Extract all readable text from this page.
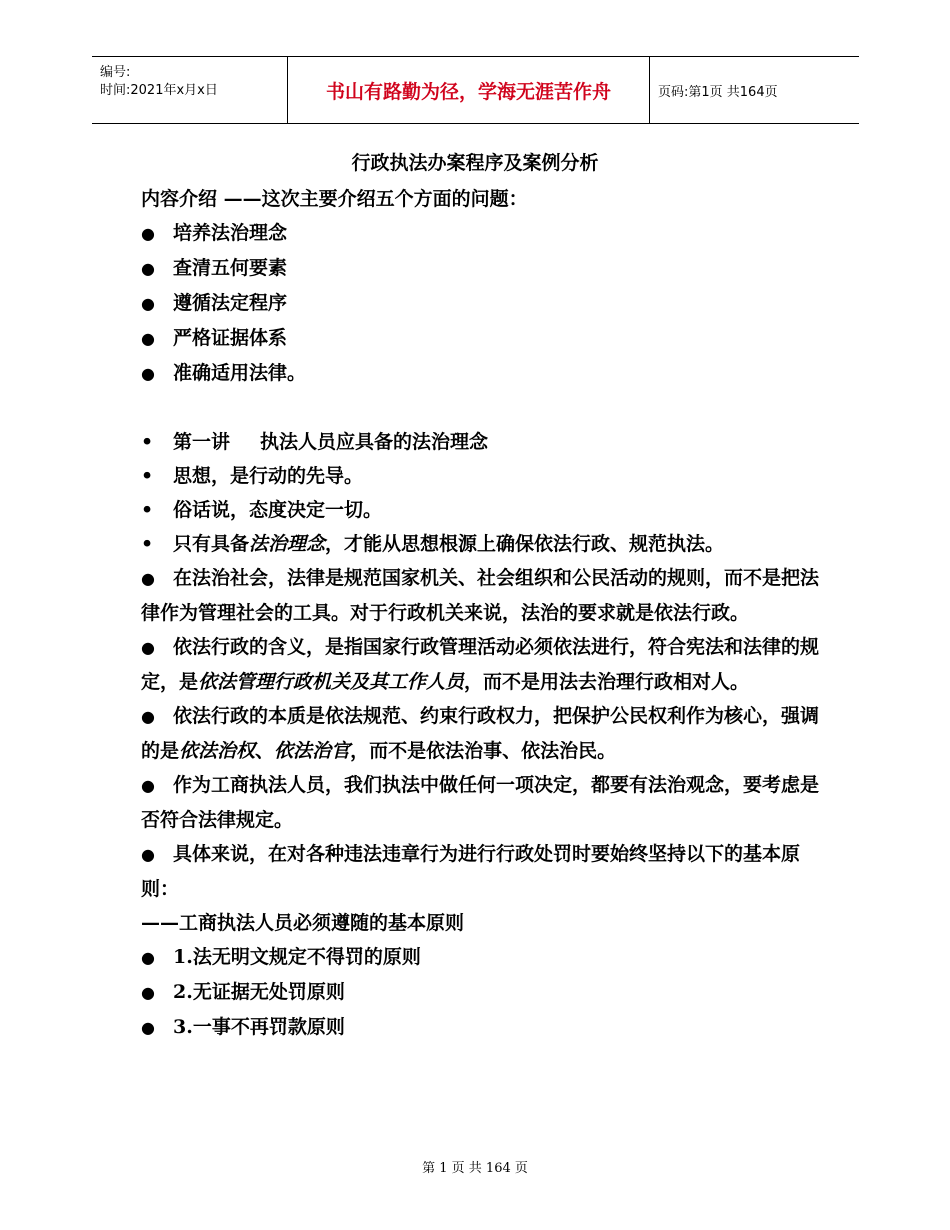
编号:
时间:2021年x月x日	书山有路勤为径，学海无涯苦作舟	页码:第1页 共164页
行政执法办案程序及案例分析

内容介绍 ——这次主要介绍五个方面的问题：

● 培养法治理念

● 查清五何要素

● 遵循法定程序

● 严格证据体系

● 准确适用法律。

• 第一讲 执法人员应具备的法治理念

• 思想，是行动的先导。

• 俗话说，态度决定一切。

• 只有具备法治理念，才能从思想根源上确保依法行政、规范执法。

● 在法治社会，法律是规范国家机关、社会组织和公民活动的规则，而不是把法律作为管理社会的工具。对于行政机关来说，法治的要求就是依法行政。

● 依法行政的含义，是指国家行政管理活动必须依法进行，符合宪法和法律的规定，是依法管理行政机关及其工作人员，而不是用法去治理行政相对人。

● 依法行政的本质是依法规范、约束行政权力，把保护公民权利作为核心，强调的是依法治权、依法治官，而不是依法治事、依法治民。

● 作为工商执法人员，我们执法中做任何一项决定，都要有法治观念，要考虑是否符合法律规定。

● 具体来说，在对各种违法违章行为进行行政处罚时要始终坚持以下的基本原则：

——工商执法人员必须遵随的基本原则

● 1.法无明文规定不得罚的原则

● 2.无证据无处罚原则

● 3.一事不再罚款原则

第 1 页 共 164 页
